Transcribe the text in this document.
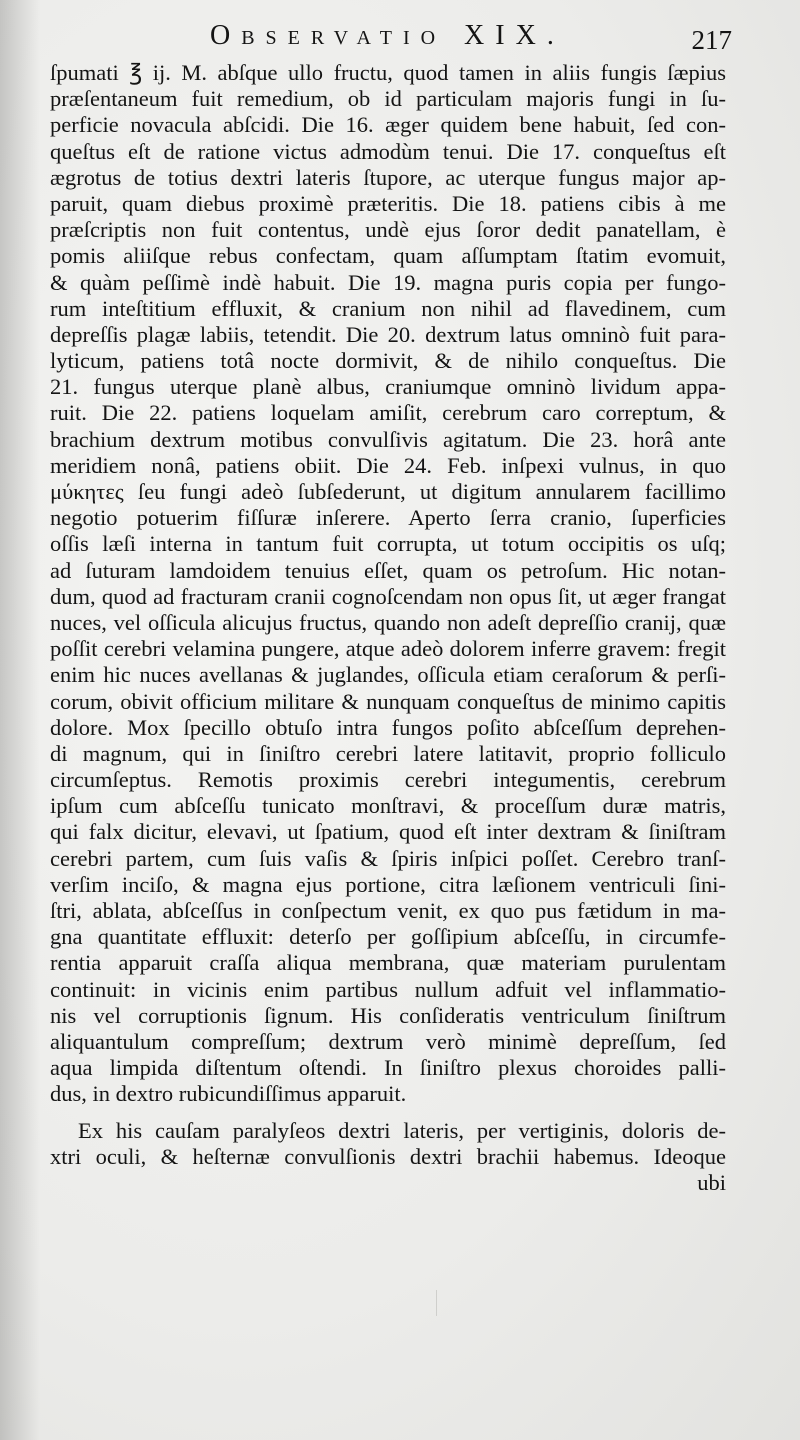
Observatio XIX.	217
ſpumati ℥ ij. M. abſque ullo fructu, quod tamen in aliis fungis ſæpius
præſentaneum fuit remedium, ob id particulam majoris fungi in ſu-
perficie novacula abſcidi. Die 16. æger quidem bene habuit, ſed con-
queſtus eſt de ratione victus admodùm tenui. Die 17. conqueſtus eſt
ægrotus de totius dextri lateris ſtupore, ac uterque fungus major ap-
paruit, quam diebus proximè præteritis. Die 18. patiens cibis à me
præſcriptis non fuit contentus, undè ejus ſoror dedit panatellam, è
pomis aliiſque rebus confectam, quam aſſumptam ſtatim evomuit,
& quàm peſſimè indè habuit. Die 19. magna puris copia per fungo-
rum inteſtitium effluxit, & cranium non nihil ad flavedinem, cum
depreſſis plagæ labiis, tetendit. Die 20. dextrum latus omninò fuit para-
lyticum, patiens totâ nocte dormivit, & de nihilo conqueſtus. Die
21. fungus uterque planè albus, craniumque omninò lividum appa-
ruit. Die 22. patiens loquelam amiſit, cerebrum caro correptum, &
brachium dextrum motibus convulſivis agitatum. Die 23. horâ ante
meridiem nonâ, patiens obiit. Die 24. Feb. inſpexi vulnus, in quo
μύκητες ſeu fungi adeò ſubſederunt, ut digitum annularem facillimo
negotio potuerim fiſſuræ inſerere. Aperto ſerra cranio, ſuperficies
oſſis læſi interna in tantum fuit corrupta, ut totum occipitis os uſq;
ad ſuturam lamdoidem tenuius eſſet, quam os petroſum. Hic notan-
dum, quod ad fracturam cranii cognoſcendam non opus ſit, ut æger frangat
nuces, vel oſſicula alicujus fructus, quando non adeſt depreſſio cranij, quæ
poſſit cerebri velamina pungere, atque adeò dolorem inferre gravem: fregit
enim hic nuces avellanas & juglandes, oſſicula etiam ceraſorum & perſi-
corum, obivit officium militare & nunquam conqueſtus de minimo capitis
dolore. Mox ſpecillo obtuſo intra fungos poſito abſceſſum deprehen-
di magnum, qui in ſiniſtro cerebri latere latitavit, proprio folliculo
circumſeptus. Remotis proximis cerebri integumentis, cerebrum
ipſum cum abſceſſu tunicato monſtravi, & proceſſum duræ matris,
qui falx dicitur, elevavi, ut ſpatium, quod eſt inter dextram & ſiniſtram
cerebri partem, cum ſuis vaſis & ſpiris inſpici poſſet. Cerebro tranſ-
verſim inciſo, & magna ejus portione, citra læſionem ventriculi ſini-
ſtri, ablata, abſceſſus in conſpectum venit, ex quo pus fætidum in ma-
gna quantitate effluxit: deterſo per goſſipium abſceſſu, in circumfe-
rentia apparuit craſſa aliqua membrana, quæ materiam purulentam
continuit: in vicinis enim partibus nullum adfuit vel inflammatio-
nis vel corruptionis ſignum. His conſideratis ventriculum ſiniſtrum
aliquantulum compreſſum; dextrum verò minimè depreſſum, ſed
aqua limpida diſtentum oſtendi. In ſiniſtro plexus choroides palli-
dus, in dextro rubicundiſſimus apparuit.
Ex his cauſam paralyſeos dextri lateris, per vertiginis, doloris de-
xtri oculi, & heſternæ convulſionis dextri brachii habemus. Ideoque
ubi
